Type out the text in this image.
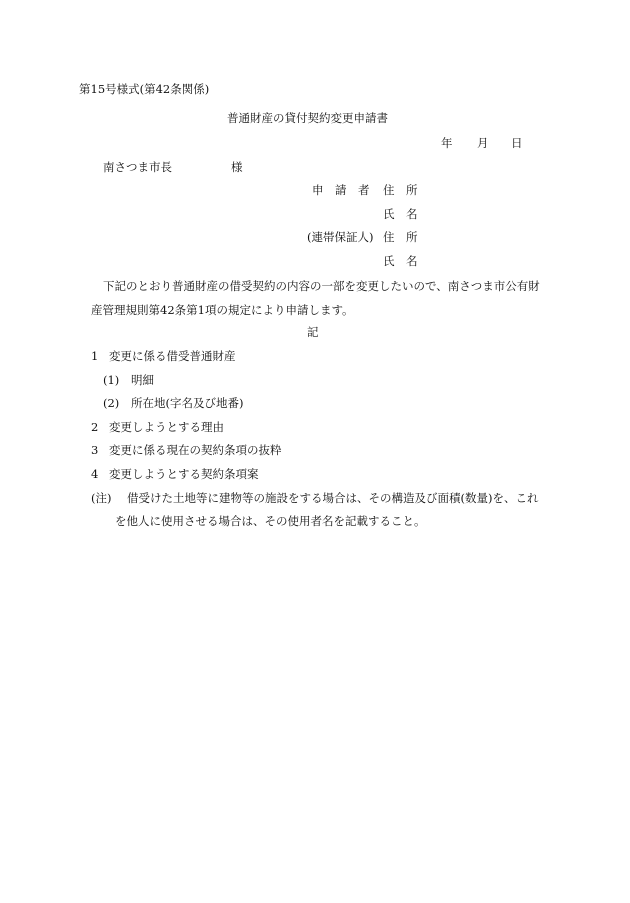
第15号様式(第42条関係)
普通財産の貸付契約変更申請書
年 月 日
南さつま市長	様
申　請　者 住　所
氏　名
(連帯保証人) 住　所
氏　名
下記のとおり普通財産の借受契約の内容の一部を変更したいので、南さつま市公有財
産管理規則第42条第1項の規定により申請します。
記
1 変更に係る借受普通財産
(1) 明細
(2) 所在地(字名及び地番)
2 変更しようとする理由
3 変更に係る現在の契約条項の抜粋
4 変更しようとする契約条項案
(注) 借受けた土地等に建物等の施設をする場合は、その構造及び面積(数量)を、これ
を他人に使用させる場合は、その使用者名を記載すること。
